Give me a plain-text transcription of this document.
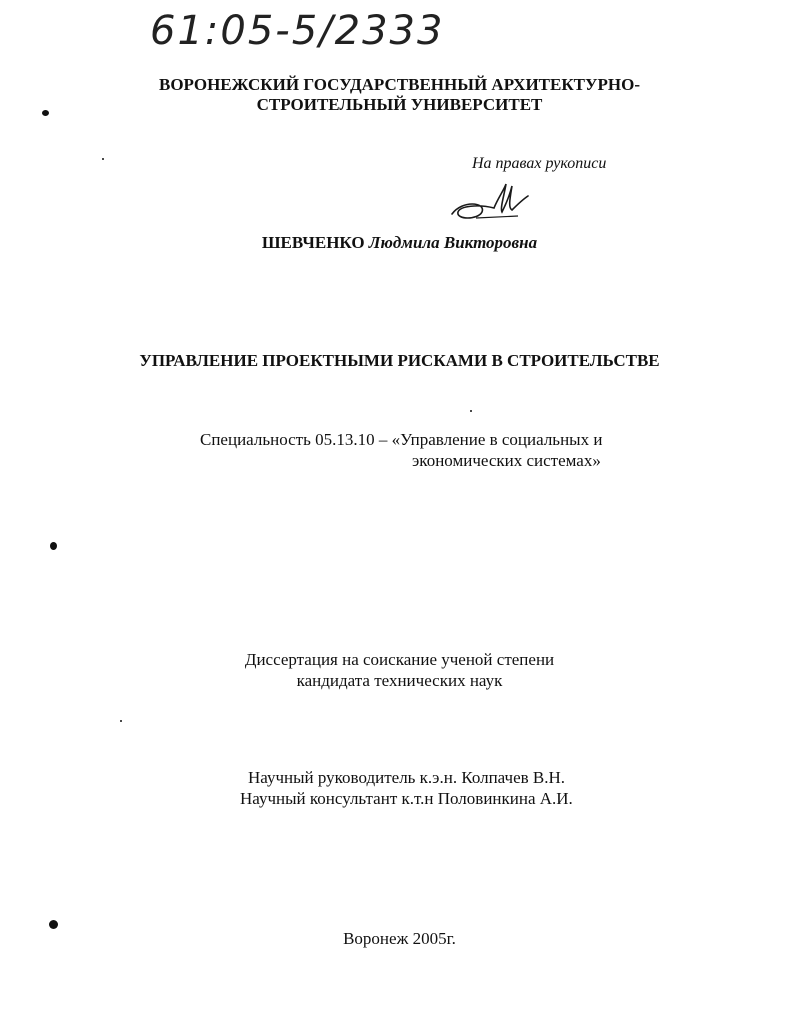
61:05-5/2333
ВОРОНЕЖСКИЙ ГОСУДАРСТВЕННЫЙ АРХИТЕКТУРНО-
СТРОИТЕЛЬНЫЙ УНИВЕРСИТЕТ
На правах рукописи
ШЕВЧЕНКО Людмила Викторовна
УПРАВЛЕНИЕ ПРОЕКТНЫМИ РИСКАМИ В СТРОИТЕЛЬСТВЕ
Специальность 05.13.10 – «Управление в социальных и
экономических системах»
Диссертация на соискание ученой степени
кандидата технических наук
Научный руководитель к.э.н. Колпачев В.Н.
Научный консультант к.т.н Половинкина А.И.
Воронеж 2005г.
